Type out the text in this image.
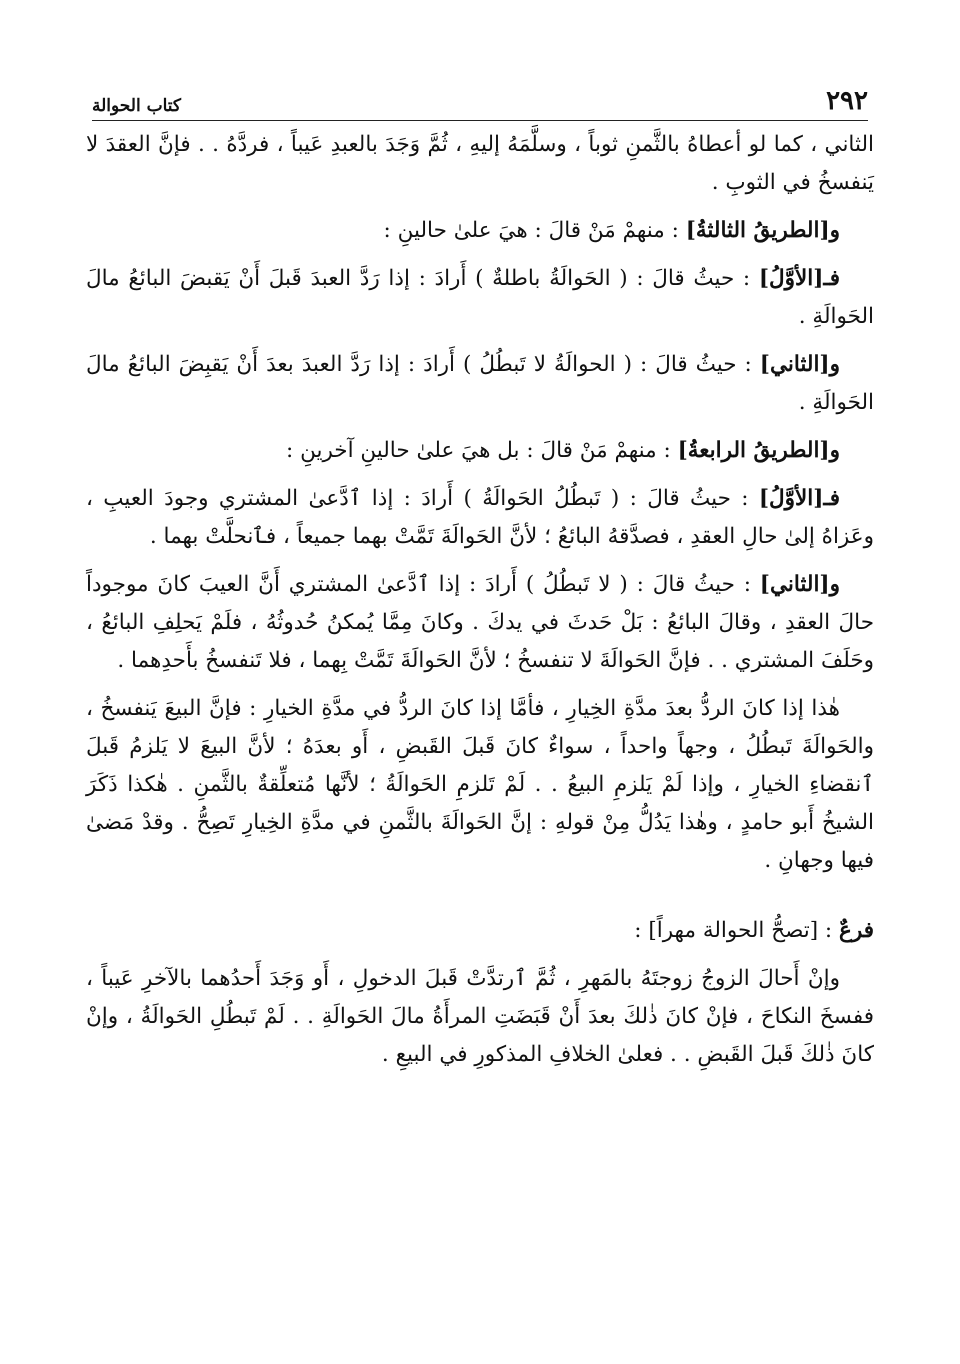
٢٩٢
كتاب الحوالة

الثاني ، كما لو أعطاهُ بالثَّمنِ ثوباً ، وسلَّمَهُ إليهِ ، ثُمَّ وَجَدَ بالعبدِ عَيباً ، فردَّهُ . . فإنَّ العقدَ لا يَنفسخُ في الثوبِ .

و[الطريقُ الثالثةُ] : منهمْ مَنْ قالَ : هيَ علىٰ حالينِ :

فـ[الأوَّلُ] : حيثُ قالَ : ( الحَوالَةُ باطلةٌ ) أَرادَ : إذا رَدَّ العبدَ قَبلَ أَنْ يَقبضَ البائعُ مالَ الحَوالَةِ .

و[الثاني] : حيثُ قالَ : ( الحوالَةُ لا تَبطُلُ ) أَرادَ : إذا رَدَّ العبدَ بعدَ أَنْ يَقبِضَ البائعُ مالَ الحَوالَةِ .

و[الطريقُ الرابعةُ] : منهمْ مَنْ قالَ : بل هيَ علىٰ حالينِ آخرينِ :

فـ[الأوَّلُ] : حيثُ قالَ : ( تَبطُلُ الحَوالَةُ ) أَرادَ : إذا ٱدَّعىٰ المشتري وجودَ العيبِ ، وعَزاهُ إلىٰ حالِ العقدِ ، فصدَّقهُ البائعُ ؛ لأنَّ الحَوالَةَ تَمَّتْ بهما جميعاً ، فٱنحلَّتْ بهما .

و[الثاني] : حيثُ قالَ : ( لا تَبطُلُ ) أَرادَ : إذا ٱدَّعىٰ المشتري أَنَّ العيبَ كانَ موجوداً حالَ العقدِ ، وقالَ البائعُ : بَلْ حَدثَ في يدكَ . وكانَ مِمَّا يُمكنُ حُدوثُهُ ، فلَمْ يَحلِفِ البائعُ ، وحَلَفَ المشتري . . فإنَّ الحَوالَةَ لا تنفسخُ ؛ لأنَّ الحَوالَةَ تَمَّتْ بِهما ، فلا تَنفسخُ بأَحدِهما .

هٰذا إذا كانَ الردُّ بعدَ مدَّةِ الخِيارِ ، فأمَّا إذا كانَ الردُّ في مدَّةِ الخيارِ : فإنَّ البيعَ يَنفسخُ ، والحَوالَةَ تَبطُلُ ، وجهاً واحداً ، سواءٌ كانَ قَبلَ القَبضِ ، أَو بعدَهُ ؛ لأنَّ البيعَ لا يَلزمُ قَبلَ ٱنقضاءِ الخيارِ ، وإذا لَمْ يَلزمِ البيعُ . . لَمْ تَلزمِ الحَوالَةُ ؛ لأنَّها مُتعلِّقةٌ بالثَّمنِ . هٰكذا ذَكَرَ الشيخُ أَبو حامدٍ ، وهٰذا يَدُلُّ مِنْ قولهِ : إنَّ الحَوالَةَ بالثَّمنِ في مدَّةِ الخِيارِ تَصِحُّ . وقدْ مَضىٰ فيها وجهانِ .

فرعٌ : [تصحُّ الحوالة مهراً] :

وإنْ أَحالَ الزوجُ زوجتَهُ بالمَهرِ ، ثُمَّ ٱرتدَّتْ قَبلَ الدخولِ ، أَو وَجَدَ أَحدُهما بالآخرِ عَيباً ، ففسخَ النكاحَ ، فإنْ كانَ ذٰلكَ بعدَ أَنْ قَبَضَتِ المرأَةُ مالَ الحَوالَةِ . . لَمْ تَبطُلِ الحَوالَةُ ، وإنْ كانَ ذٰلكَ قَبلَ القَبضِ . . فعلىٰ الخلافِ المذكورِ في البيعِ .
